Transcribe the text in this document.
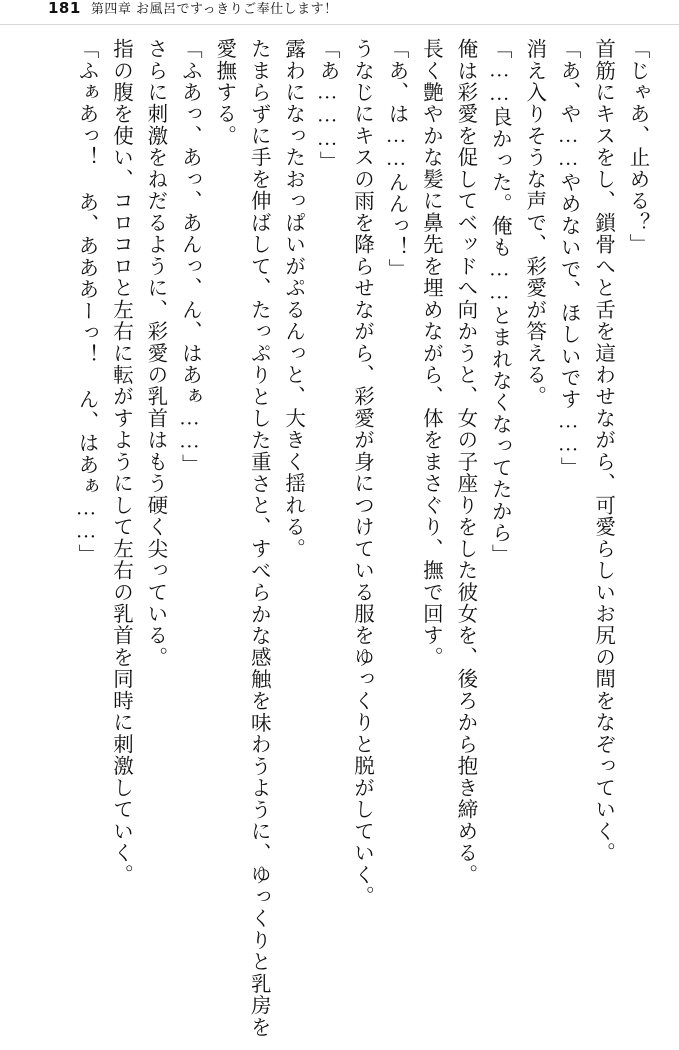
181 第四章 お風呂ですっきりご奉仕します！

「じゃあ、止める？」

首筋にキスをし、鎖骨へと舌を這わせながら、可愛らしいお尻の間をなぞっていく。

「あ、や……やめないで、ほしいです……」

消え入りそうな声で、彩愛が答える。

「……良かった。俺も……とまれなくなってたから」

俺は彩愛を促してベッドへ向かうと、女の子座りをした彼女を、後ろから抱き締める。

長く艶やかな髪に鼻先を埋めながら、体をまさぐり、撫で回す。

「あ、は……んんっ！」

うなじにキスの雨を降らせながら、彩愛が身につけている服をゆっくりと脱がしていく。

「あ………」

露わになったおっぱいがぷるんっと、大きく揺れる。

たまらずに手を伸ばして、たっぷりとした重さと、すべらかな感触を味わうように、ゆっくりと乳房を愛撫する。

「ふあっ、あっ、あんっ、ん、はあぁ……」

さらに刺激をねだるように、彩愛の乳首はもう硬く尖っている。

指の腹を使い、コロコロと左右に転がすようにして左右の乳首を同時に刺激していく。

「ふぁあっ！ あ、あああーっ！ ん、はあぁ……」
